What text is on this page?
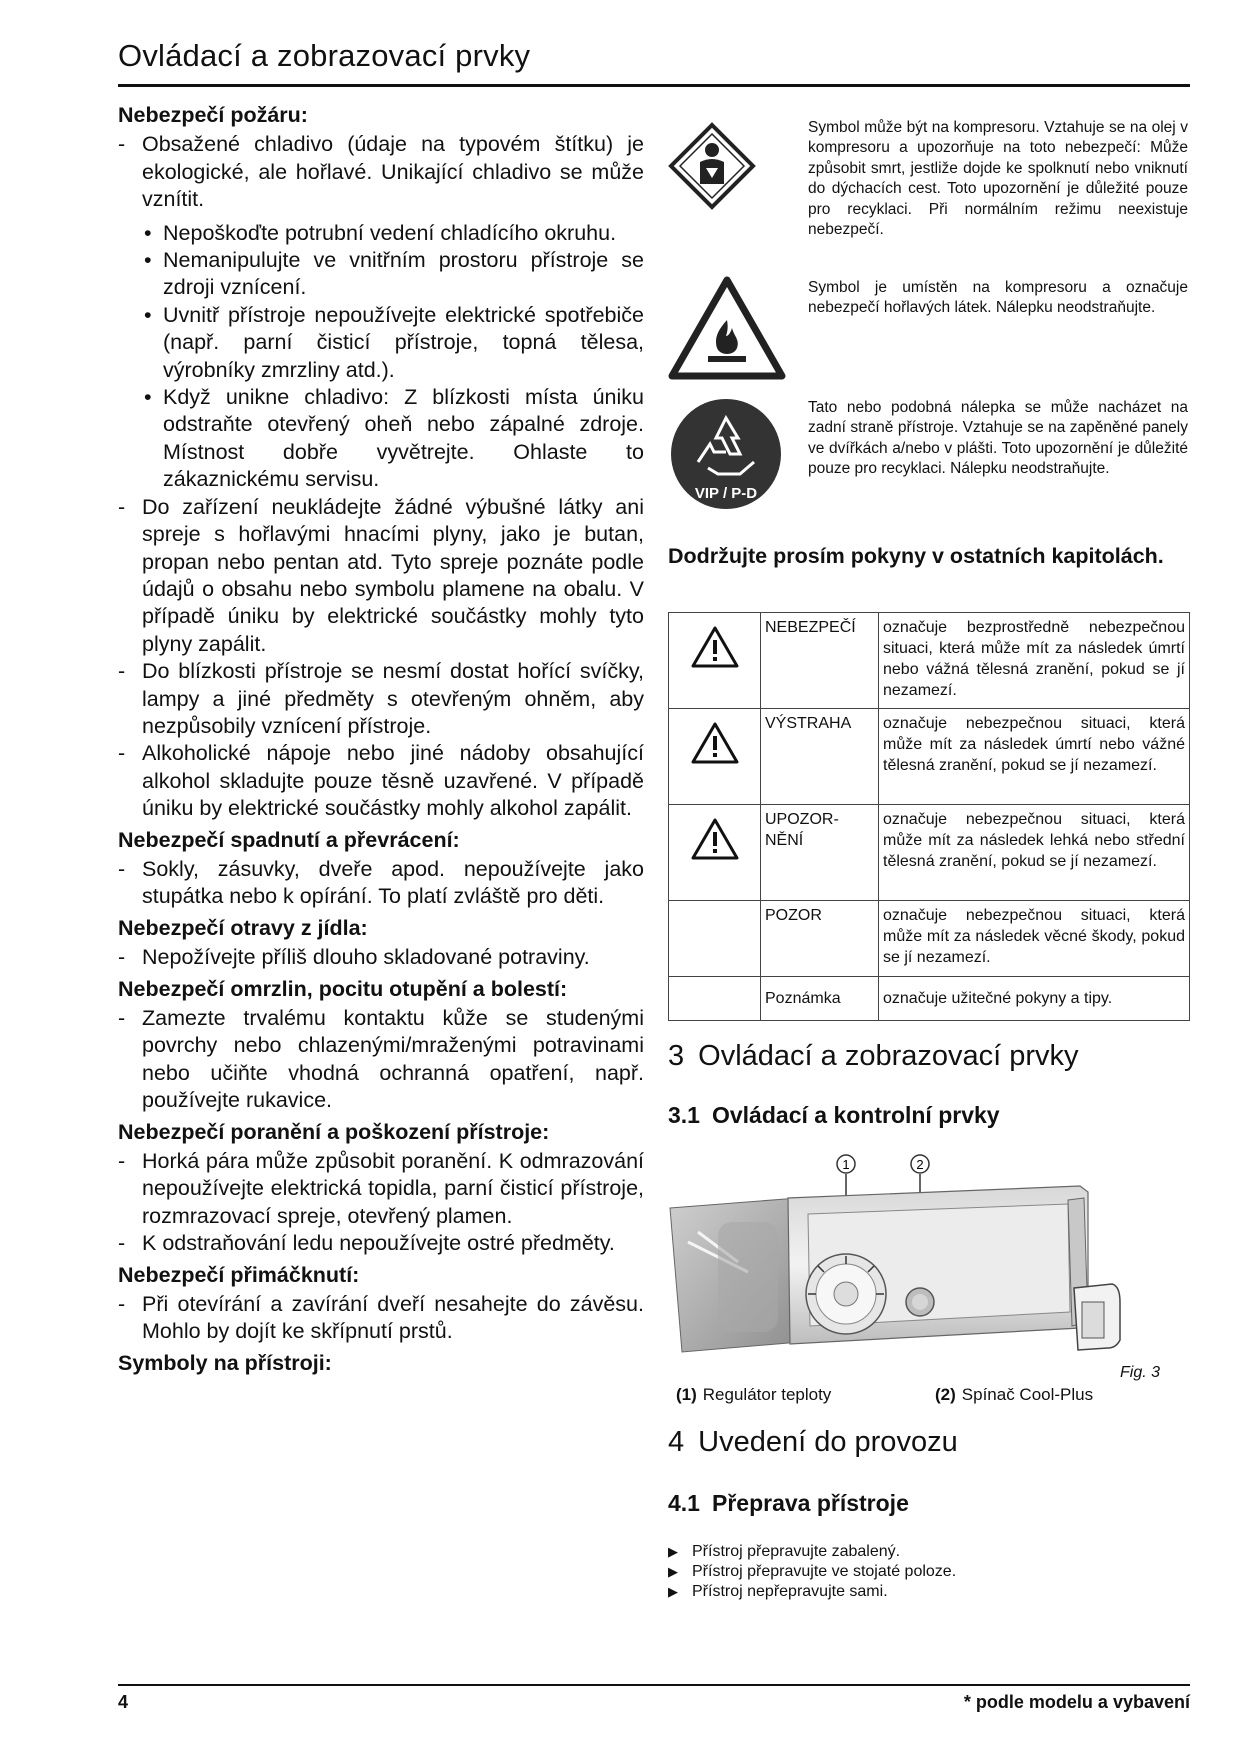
Ovládací a zobrazovací prvky
Nebezpečí požáru:
- Obsažené chladivo (údaje na typovém štítku) je ekologické, ale hořlavé. Unikající chladivo se může vznítit.
• Nepoškoďte potrubní vedení chladícího okruhu.
• Nemanipulujte ve vnitřním prostoru přístroje se zdroji vznícení.
• Uvnitř přístroje nepoužívejte elektrické spotřebiče (např. parní čisticí přístroje, topná tělesa, výrobníky zmrzliny atd.).
• Když unikne chladivo: Z blízkosti místa úniku odstraňte otevřený oheň nebo zápalné zdroje. Místnost dobře vyvětrejte. Ohlaste to zákaznickému servisu.
- Do zařízení neukládejte žádné výbušné látky ani spreje s hořlavými hnacími plyny, jako je butan, propan nebo pentan atd. Tyto spreje poznáte podle údajů o obsahu nebo symbolu plamene na obalu. V případě úniku by elektrické součástky mohly tyto plyny zapálit.
- Do blízkosti přístroje se nesmí dostat hořící svíčky, lampy a jiné předměty s otevřeným ohněm, aby nezpůsobily vznícení přístroje.
- Alkoholické nápoje nebo jiné nádoby obsahující alkohol skladujte pouze těsně uzavřené. V případě úniku by elektrické součástky mohly alkohol zapálit.
Nebezpečí spadnutí a převrácení:
- Sokly, zásuvky, dveře apod. nepoužívejte jako stupátka nebo k opírání. To platí zvláště pro děti.
Nebezpečí otravy z jídla:
- Nepožívejte příliš dlouho skladované potraviny.
Nebezpečí omrzlin, pocitu otupění a bolestí:
- Zamezte trvalému kontaktu kůže se studenými povrchy nebo chlazenými/mraženými potravinami nebo učiňte vhodná ochranná opatření, např. používejte rukavice.
Nebezpečí poranění a poškození přístroje:
- Horká pára může způsobit poranění. K odmrazování nepoužívejte elektrická topidla, parní čisticí přístroje, rozmrazovací spreje, otevřený plamen.
- K odstraňování ledu nepoužívejte ostré předměty.
Nebezpečí přimáčknutí:
- Při otevírání a zavírání dveří nesahejte do závěsu. Mohlo by dojít ke skřípnutí prstů.
Symboly na přístroji:
Symbol může být na kompresoru. Vztahuje se na olej v kompresoru a upozorňuje na toto nebezpečí: Může způsobit smrt, jestliže dojde ke spolknutí nebo vniknutí do dýchacích cest. Toto upozornění je důležité pouze pro recyklaci. Při normálním režimu neexistuje nebezpečí.
Symbol je umístěn na kompresoru a označuje nebezpečí hořlavých látek. Nálepku neodstraňujte.
VIP / P-D
Tato nebo podobná nálepka se může nacházet na zadní straně přístroje. Vztahuje se na zapěněné panely ve dvířkách a/nebo v plášti. Toto upozornění je důležité pouze pro recyklaci. Nálepku neodstraňujte.
Dodržujte prosím pokyny v ostatních kapitolách.
	NEBEZPEČÍ	označuje bezprostředně nebezpečnou situaci, která může mít za následek úmrtí nebo vážná tělesná zranění, pokud se jí nezamezí.
	VÝSTRAHA	označuje nebezpečnou situaci, která může mít za následek úmrtí nebo vážné tělesná zranění, pokud se jí nezamezí.
	UPOZOR-NĚNÍ	označuje nebezpečnou situaci, která může mít za následek lehká nebo střední tělesná zranění, pokud se jí nezamezí.
	POZOR	označuje nebezpečnou situaci, která může mít za následek věcné škody, pokud se jí nezamezí.
	Poznámka	označuje užitečné pokyny a tipy.
3 Ovládací a zobrazovací prvky
3.1 Ovládací a kontrolní prvky
1	2
Fig. 3
(1) Regulátor teploty	(2) Spínač Cool-Plus
4 Uvedení do provozu
4.1 Přeprava přístroje
▶ Přístroj přepravujte zabalený.
▶ Přístroj přepravujte ve stojaté poloze.
▶ Přístroj nepřepravujte sami.
4	* podle modelu a vybavení
